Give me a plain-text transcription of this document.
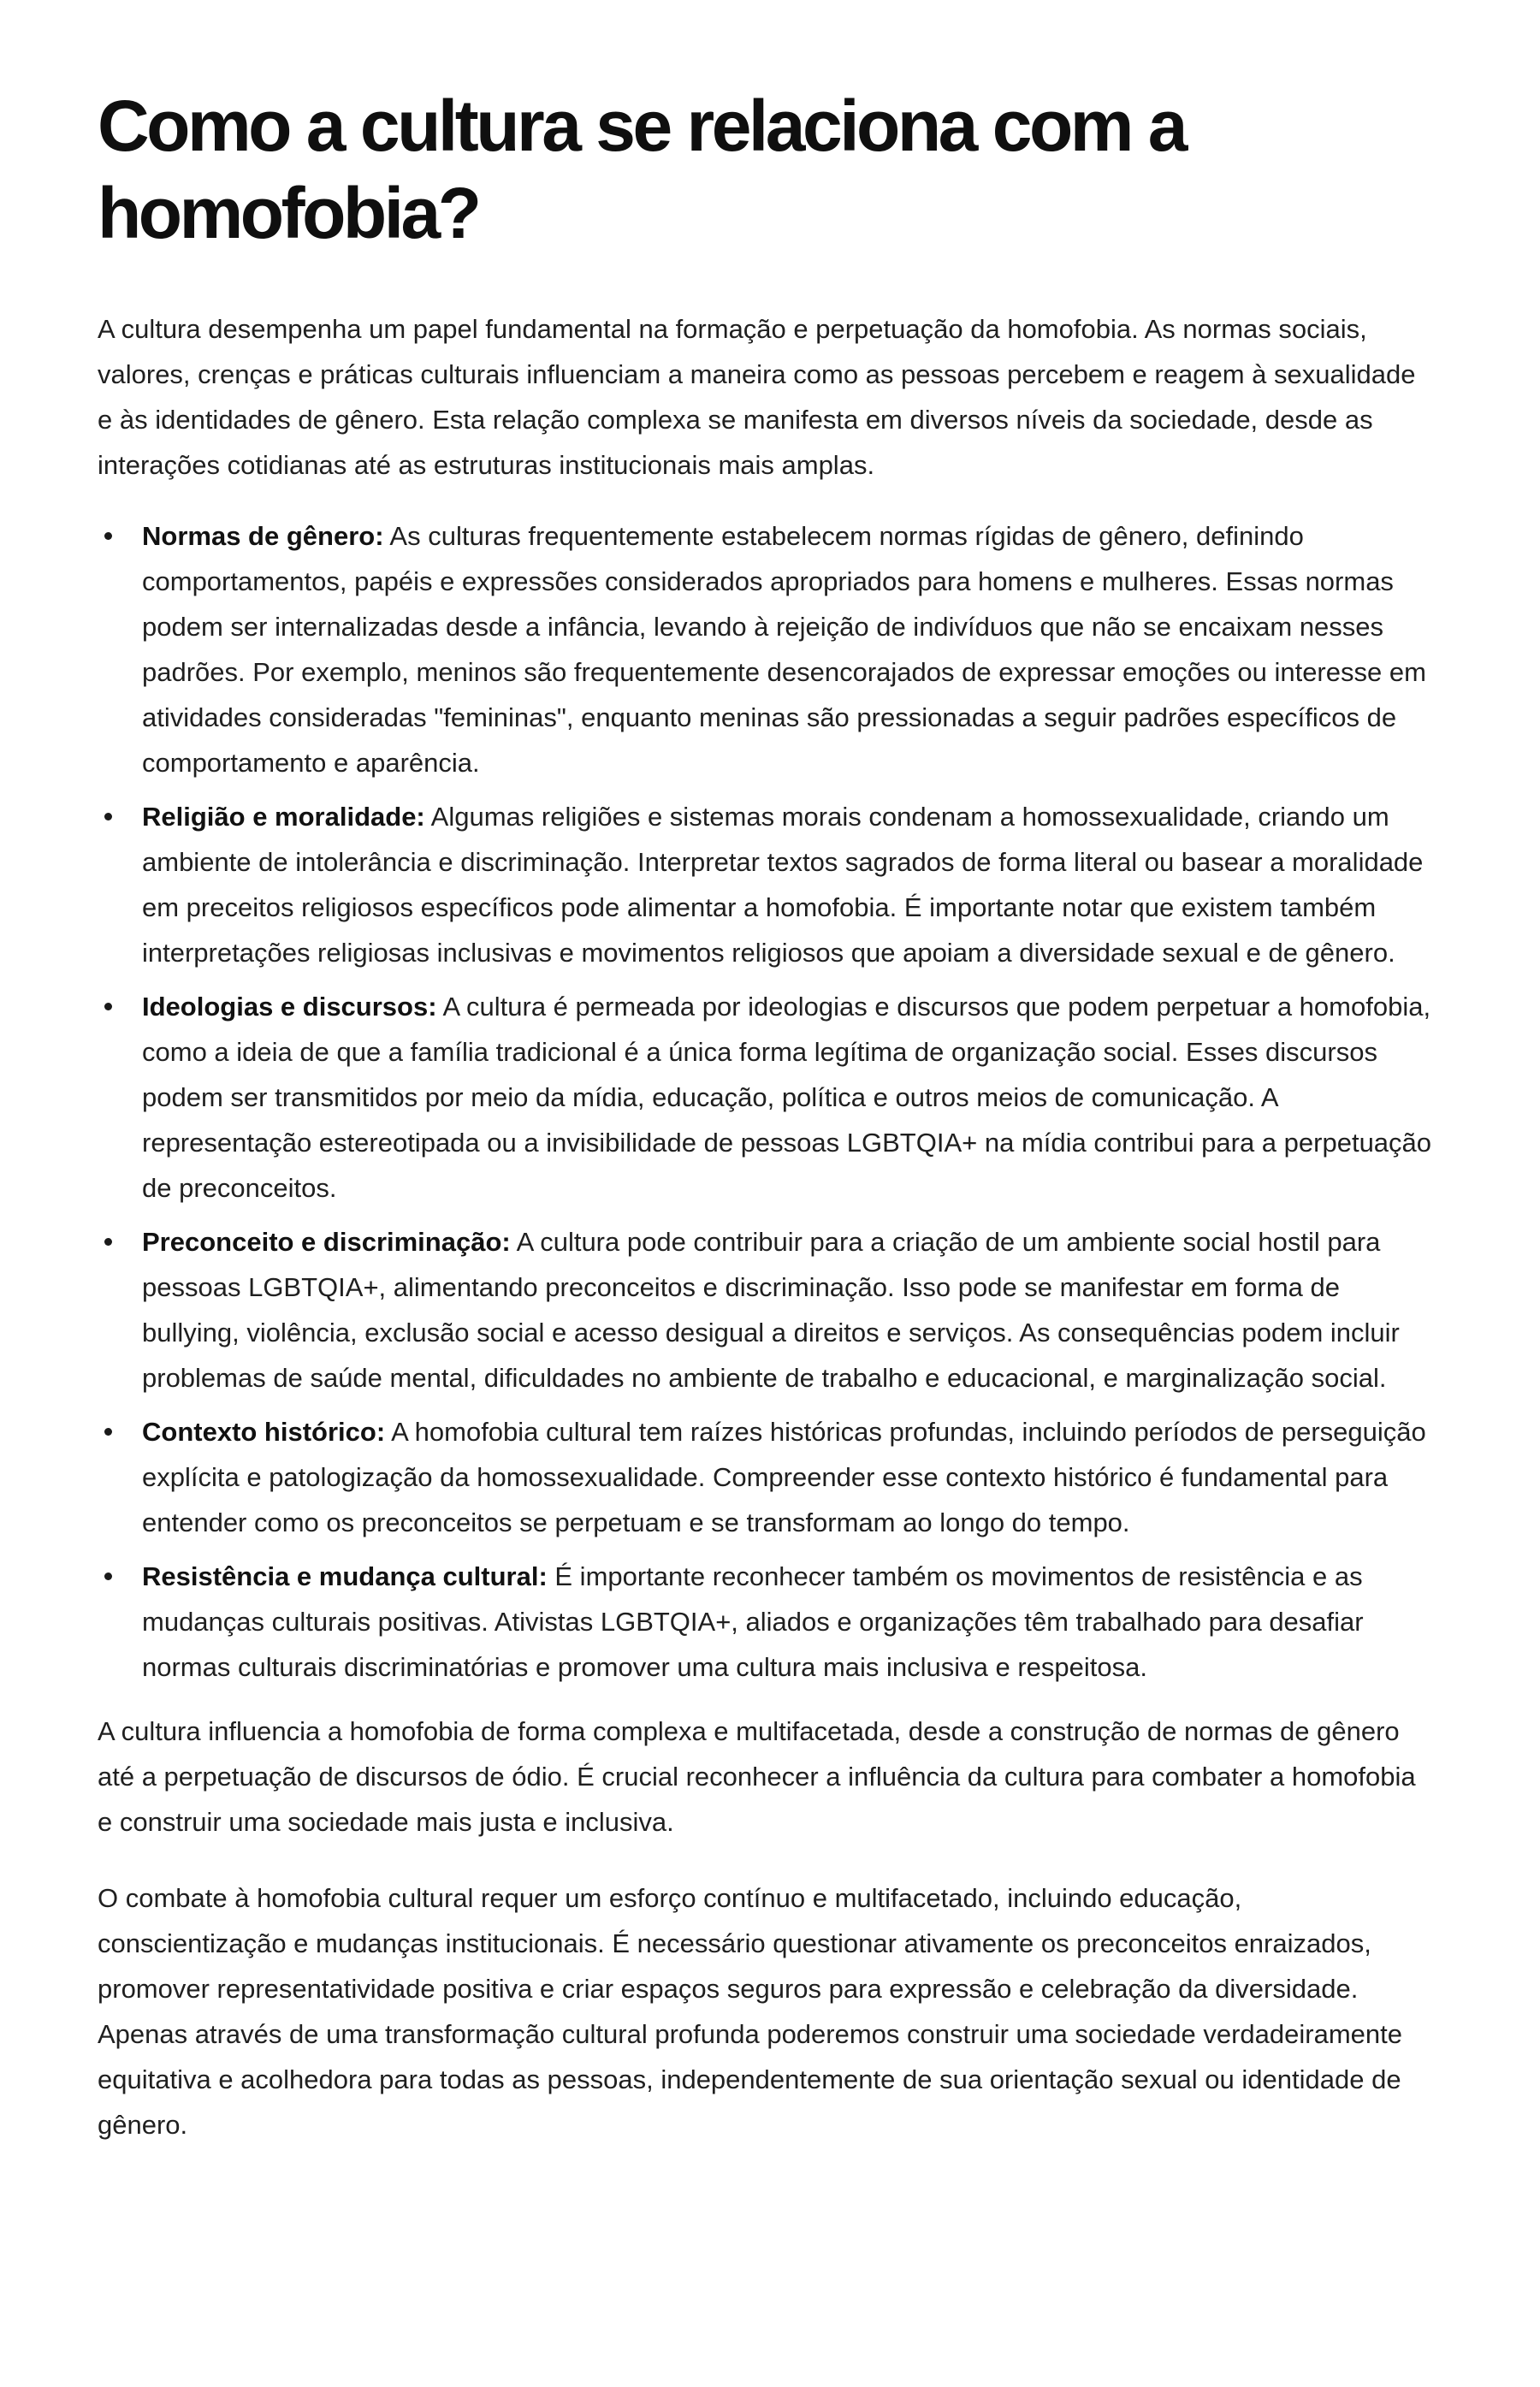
Como a cultura se relaciona com a homofobia?

A cultura desempenha um papel fundamental na formação e perpetuação da homofobia. As normas sociais, valores, crenças e práticas culturais influenciam a maneira como as pessoas percebem e reagem à sexualidade e às identidades de gênero. Esta relação complexa se manifesta em diversos níveis da sociedade, desde as interações cotidianas até as estruturas institucionais mais amplas.

Normas de gênero: As culturas frequentemente estabelecem normas rígidas de gênero, definindo comportamentos, papéis e expressões considerados apropriados para homens e mulheres. Essas normas podem ser internalizadas desde a infância, levando à rejeição de indivíduos que não se encaixam nesses padrões. Por exemplo, meninos são frequentemente desencorajados de expressar emoções ou interesse em atividades consideradas "femininas", enquanto meninas são pressionadas a seguir padrões específicos de comportamento e aparência.
Religião e moralidade: Algumas religiões e sistemas morais condenam a homossexualidade, criando um ambiente de intolerância e discriminação. Interpretar textos sagrados de forma literal ou basear a moralidade em preceitos religiosos específicos pode alimentar a homofobia. É importante notar que existem também interpretações religiosas inclusivas e movimentos religiosos que apoiam a diversidade sexual e de gênero.
Ideologias e discursos: A cultura é permeada por ideologias e discursos que podem perpetuar a homofobia, como a ideia de que a família tradicional é a única forma legítima de organização social. Esses discursos podem ser transmitidos por meio da mídia, educação, política e outros meios de comunicação. A representação estereotipada ou a invisibilidade de pessoas LGBTQIA+ na mídia contribui para a perpetuação de preconceitos.
Preconceito e discriminação: A cultura pode contribuir para a criação de um ambiente social hostil para pessoas LGBTQIA+, alimentando preconceitos e discriminação. Isso pode se manifestar em forma de bullying, violência, exclusão social e acesso desigual a direitos e serviços. As consequências podem incluir problemas de saúde mental, dificuldades no ambiente de trabalho e educacional, e marginalização social.
Contexto histórico: A homofobia cultural tem raízes históricas profundas, incluindo períodos de perseguição explícita e patologização da homossexualidade. Compreender esse contexto histórico é fundamental para entender como os preconceitos se perpetuam e se transformam ao longo do tempo.
Resistência e mudança cultural: É importante reconhecer também os movimentos de resistência e as mudanças culturais positivas. Ativistas LGBTQIA+, aliados e organizações têm trabalhado para desafiar normas culturais discriminatórias e promover uma cultura mais inclusiva e respeitosa.

A cultura influencia a homofobia de forma complexa e multifacetada, desde a construção de normas de gênero até a perpetuação de discursos de ódio. É crucial reconhecer a influência da cultura para combater a homofobia e construir uma sociedade mais justa e inclusiva.

O combate à homofobia cultural requer um esforço contínuo e multifacetado, incluindo educação, conscientização e mudanças institucionais. É necessário questionar ativamente os preconceitos enraizados, promover representatividade positiva e criar espaços seguros para expressão e celebração da diversidade. Apenas através de uma transformação cultural profunda poderemos construir uma sociedade verdadeiramente equitativa e acolhedora para todas as pessoas, independentemente de sua orientação sexual ou identidade de gênero.
